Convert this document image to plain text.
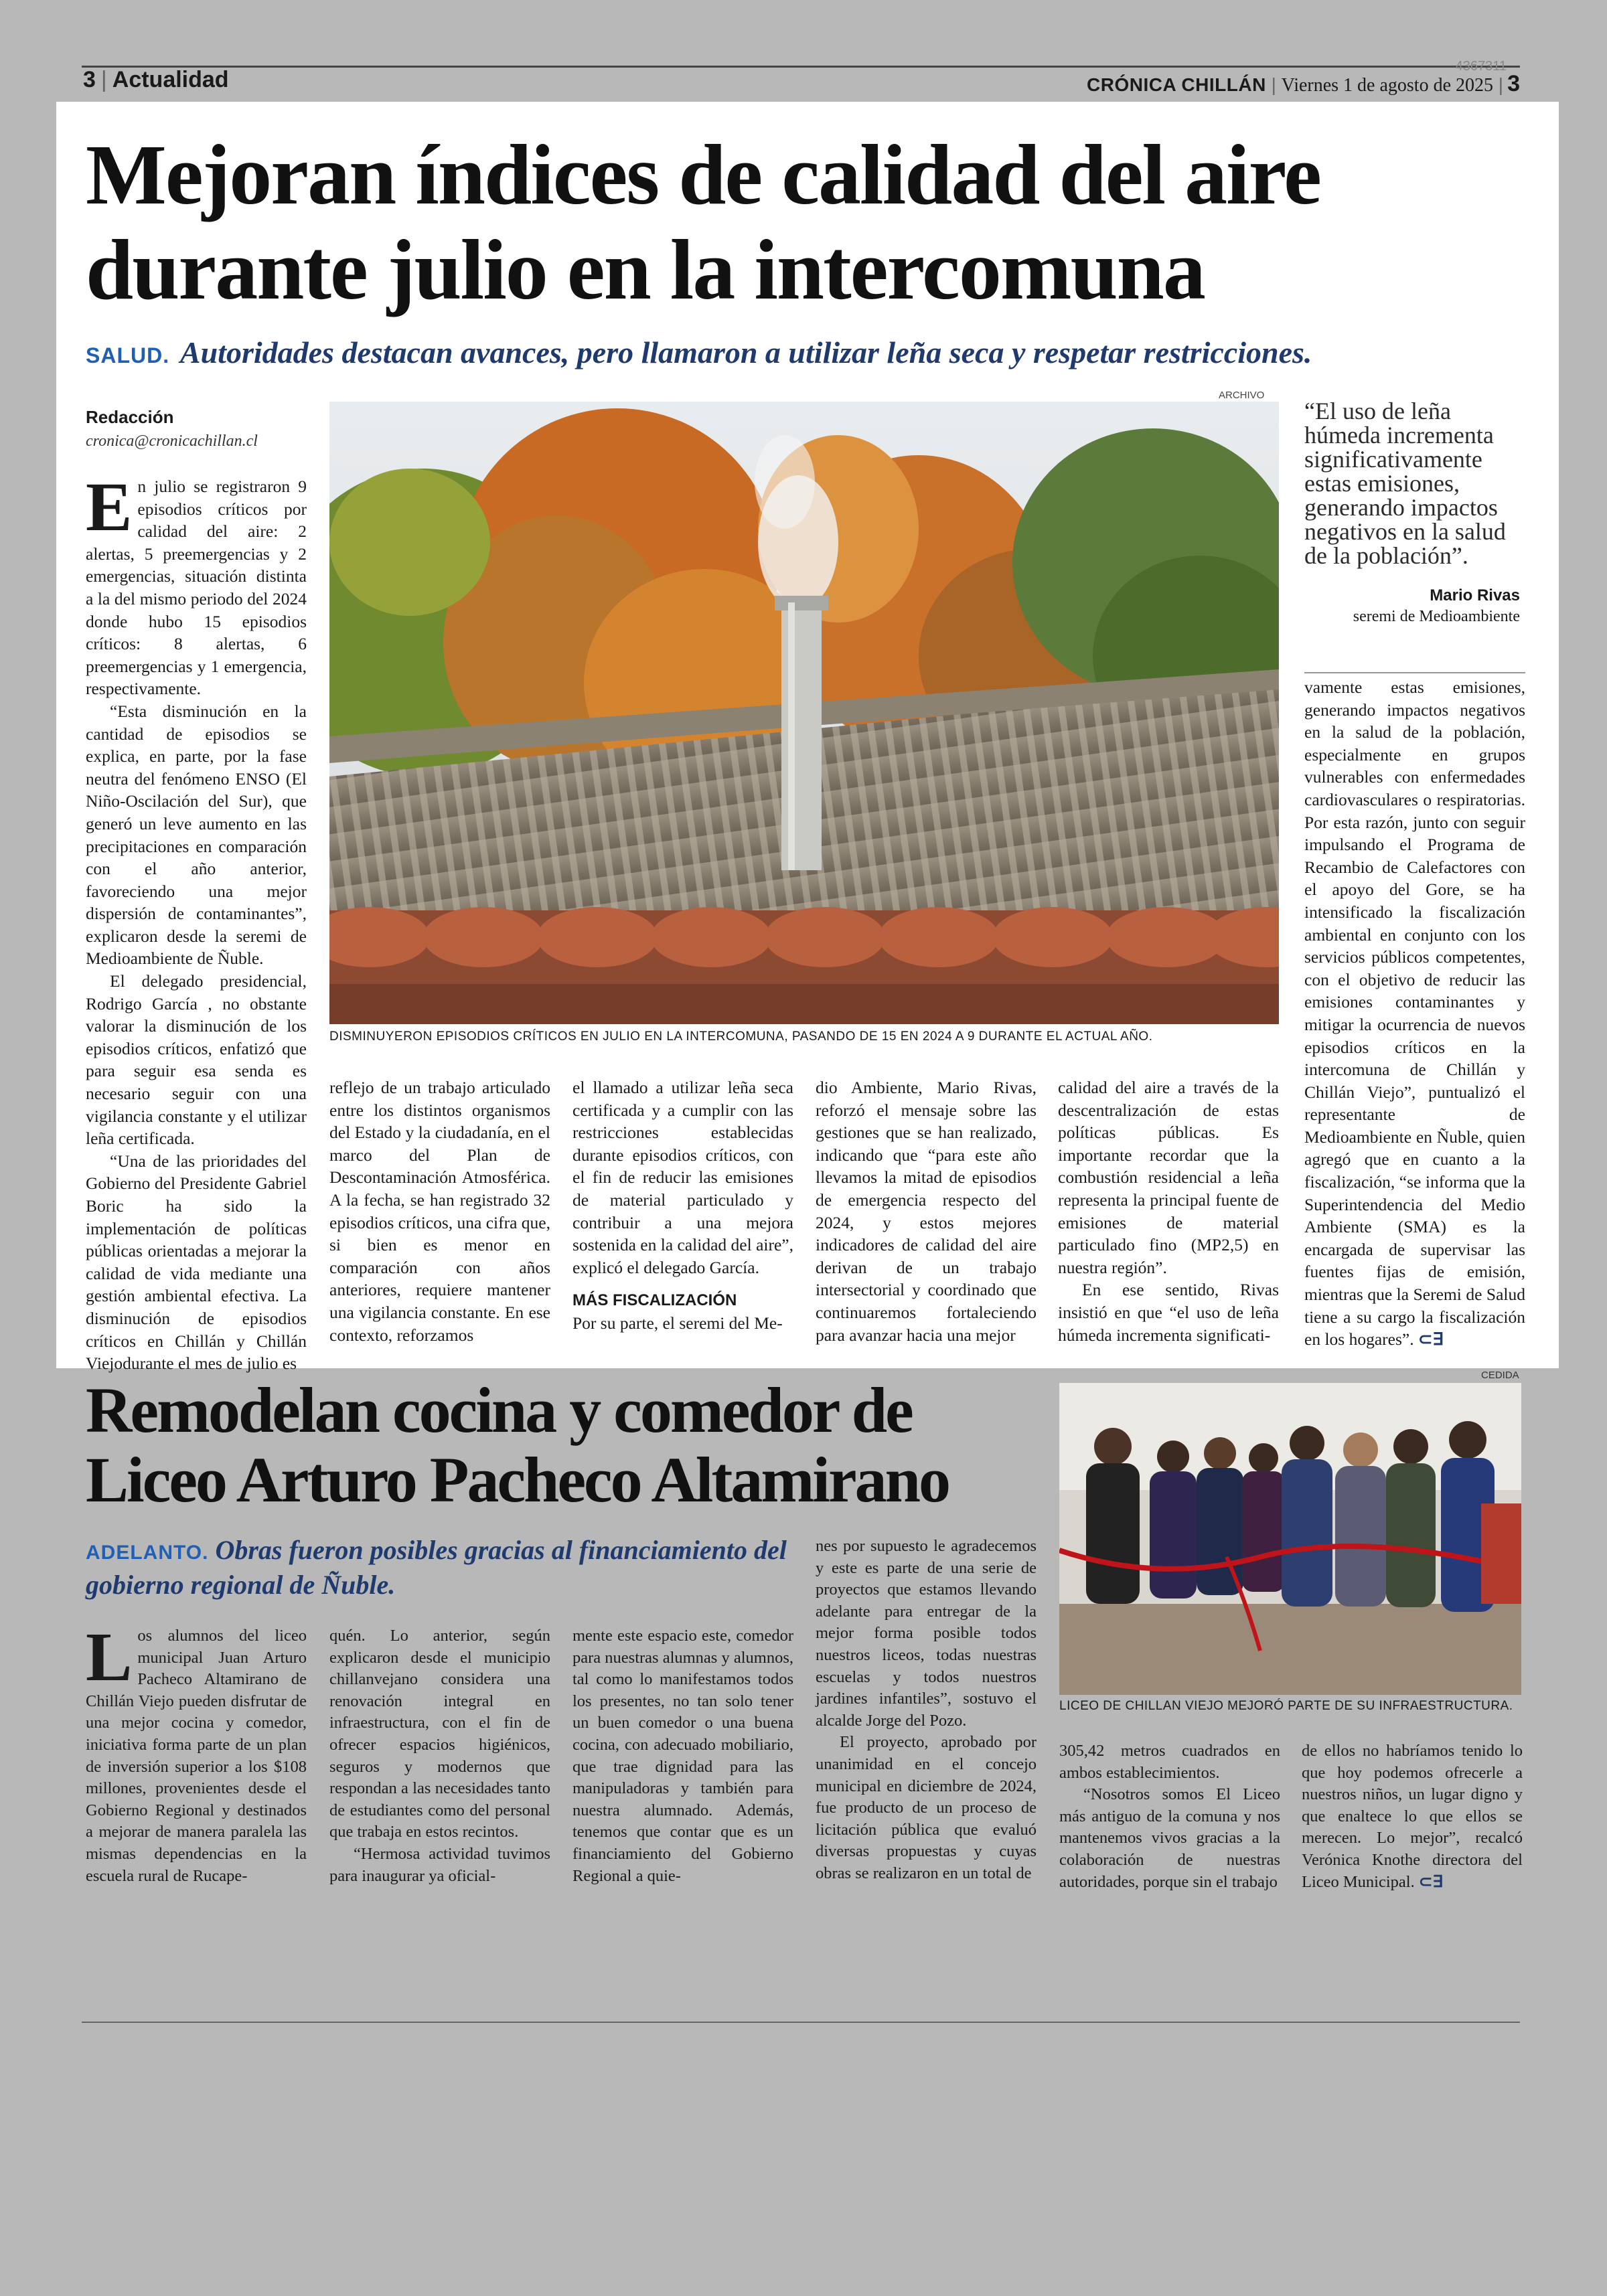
3 | Actualidad
4367311
CRÓNICA CHILLÁN | Viernes 1 de agosto de 2025 | 3
Mejoran índices de calidad del aire durante julio en la intercomuna
SALUD. Autoridades destacan avances, pero llamaron a utilizar leña seca y respetar restricciones.
Redacción
cronica@cronicachillan.cl

En julio se registraron 9 episodios críticos por calidad del aire: 2 alertas, 5 preemergencias y 2 emergencias, situación distinta a la del mismo periodo del 2024 donde hubo 15 episodios críticos: 8 alertas, 6 preemergencias y 1 emergencia, respectivamente.

“Esta disminución en la cantidad de episodios se explica, en parte, por la fase neutra del fenómeno ENSO (El Niño-Oscilación del Sur), que generó un leve aumento en las precipitaciones en comparación con el año anterior, favoreciendo una mejor dispersión de contaminantes”, explicaron desde la seremi de Medioambiente de Ñuble.

El delegado presidencial, Rodrigo García , no obstante valorar la disminución de los episodios críticos, enfatizó que para seguir esa senda es necesario seguir con una vigilancia constante y el utilizar leña certificada.

“Una de las prioridades del Gobierno del Presidente Gabriel Boric ha sido la implementación de políticas públicas orientadas a mejorar la calidad de vida mediante una gestión ambiental efectiva. La disminución de episodios críticos en Chillán y Chillán Viejodurante el mes de julio es

ARCHIVO
DISMINUYERON EPISODIOS CRÍTICOS EN JULIO EN LA INTERCOMUNA, PASANDO DE 15 EN 2024 A 9 DURANTE EL ACTUAL AÑO.
“El uso de leña húmeda incrementa significativamente estas emisiones, generando impactos negativos en la salud de la población”.
Mario Rivas
seremi de Medioambiente

vamente estas emisiones, generando impactos negativos en la salud de la población, especialmente en grupos vulnerables con enfermedades cardiovasculares o respiratorias. Por esta razón, junto con seguir impulsando el Programa de Recambio de Calefactores con el apoyo del Gore, se ha intensificado la fiscalización ambiental en conjunto con los servicios públicos competentes, con el objetivo de reducir las emisiones contaminantes y mitigar la ocurrencia de nuevos episodios críticos en la intercomuna de Chillán y Chillán Viejo”, puntualizó el representante de Medioambiente en Ñuble, quien agregó que en cuanto a la fiscalización, “se informa que la Superintendencia del Medio Ambiente (SMA) es la encargada de supervisar las fuentes fijas de emisión, mientras que la Seremi de Salud tiene a su cargo la fiscalización en los hogares”. ⊂∃

reflejo de un trabajo articulado entre los distintos organismos del Estado y la ciudadanía, en el marco del Plan de Descontaminación Atmosférica. A la fecha, se han registrado 32 episodios críticos, una cifra que, si bien es menor en comparación con años anteriores, requiere mantener una vigilancia constante. En ese contexto, reforzamos

el llamado a utilizar leña seca certificada y a cumplir con las restricciones establecidas durante episodios críticos, con el fin de reducir las emisiones de material particulado y contribuir a una mejora sostenida en la calidad del aire”, explicó el delegado García.

MÁS FISCALIZACIÓN

Por su parte, el seremi del Me-

dio Ambiente, Mario Rivas, reforzó el mensaje sobre las gestiones que se han realizado, indicando que “para este año llevamos la mitad de episodios de emergencia respecto del 2024, y estos mejores indicadores de calidad del aire derivan de un trabajo intersectorial y coordinado que continuaremos fortaleciendo para avanzar hacia una mejor

calidad del aire a través de la descentralización de estas políticas públicas. Es importante recordar que la combustión residencial a leña representa la principal fuente de emisiones de material particulado fino (MP2,5) en nuestra región”.

En ese sentido, Rivas insistió en que “el uso de leña húmeda incrementa significati-

Remodelan cocina y comedor de Liceo Arturo Pacheco Altamirano
ADELANTO. Obras fueron posibles gracias al financiamiento del gobierno regional de Ñuble.
CEDIDA
LICEO DE CHILLAN VIEJO MEJORÓ PARTE DE SU INFRAESTRUCTURA.

Los alumnos del liceo municipal Juan Arturo Pacheco Altamirano de Chillán Viejo pueden disfrutar de una mejor cocina y comedor, iniciativa forma parte de un plan de inversión superior a los $108 millones, provenientes desde el Gobierno Regional y destinados a mejorar de manera paralela las mismas dependencias en la escuela rural de Rucape-

quén. Lo anterior, según explicaron desde el municipio chillanvejano considera una renovación integral en infraestructura, con el fin de ofrecer espacios higiénicos, seguros y modernos que respondan a las necesidades tanto de estudiantes como del personal que trabaja en estos recintos.

“Hermosa actividad tuvimos para inaugurar ya oficial-

mente este espacio este, comedor para nuestras alumnas y alumnos, tal como lo manifestamos todos los presentes, no tan solo tener un buen comedor o una buena cocina, con adecuado mobiliario, que trae dignidad para las manipuladoras y también para nuestra alumnado. Además, tenemos que contar que es un financiamiento del Gobierno Regional a quie-

nes por supuesto le agradecemos y este es parte de una serie de proyectos que estamos llevando adelante para entregar de la mejor forma posible todos nuestros liceos, todas nuestras escuelas y todos nuestros jardines infantiles”, sostuvo el alcalde Jorge del Pozo.

El proyecto, aprobado por unanimidad en el concejo municipal en diciembre de 2024, fue producto de un proceso de licitación pública que evaluó diversas propuestas y cuyas obras se realizaron en un total de

305,42 metros cuadrados en ambos establecimientos.

“Nosotros somos El Liceo más antiguo de la comuna y nos mantenemos vivos gracias a la colaboración de nuestras autoridades, porque sin el trabajo

de ellos no habríamos tenido lo que hoy podemos ofrecerle a nuestros niños, un lugar digno y que enaltece lo que ellos se merecen. Lo mejor”, recalcó Verónica Knothe directora del Liceo Municipal. ⊂∃
